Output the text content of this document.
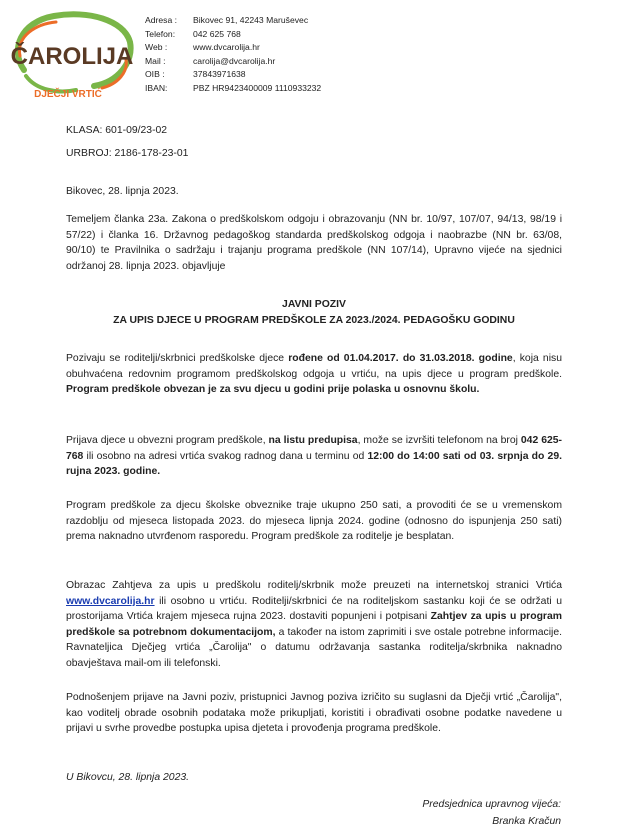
ČAROLIJA
DJEČJI VRTIĆ
Adresa :	Bikovec 91, 42243 Maruševec
Telefon:	042 625 768
Web :	www.dvcarolija.hr
Mail :	carolija@dvcarolija.hr
OIB :	37843971638
IBAN:	PBZ HR9423400009 1110933232
KLASA: 601-09/23-02
URBROJ: 2186-178-23-01
Bikovec, 28. lipnja 2023.
Temeljem članka 23a. Zakona o predškolskom odgoju i obrazovanju (NN br. 10/97, 107/07, 94/13, 98/19 i 57/22) i članka 16. Državnog pedagoškog standarda predškolskog odgoja i naobrazbe (NN br. 63/08, 90/10) te Pravilnika o sadržaju i trajanju programa predškole (NN 107/14), Upravno vijeće na sjednici održanoj 28. lipnja 2023. objavljuje
JAVNI POZIV
ZA UPIS DJECE U PROGRAM PREDŠKOLE ZA 2023./2024. PEDAGOŠKU GODINU
Pozivaju se roditelji/skrbnici predškolske djece rođene od 01.04.2017. do 31.03.2018. godine, koja nisu obuhvaćena redovnim programom predškolskog odgoja u vrtiću, na upis djece u program predškole. Program predškole obvezan je za svu djecu u godini prije polaska u osnovnu školu.
Prijava djece u obvezni program predškole, na listu predupisa, može se izvršiti telefonom na broj 042 625-768 ili osobno na adresi vrtića svakog radnog dana u terminu od 12:00 do 14:00 sati od 03. srpnja do 29. rujna 2023. godine.
Program predškole za djecu školske obveznike traje ukupno 250 sati, a provoditi će se u vremenskom razdoblju od mjeseca listopada 2023. do mjeseca lipnja 2024. godine (odnosno do ispunjenja 250 sati) prema naknadno utvrđenom rasporedu. Program predškole za roditelje je besplatan.
Obrazac Zahtjeva za upis u predškolu roditelj/skrbnik može preuzeti na internetskoj stranici Vrtića www.dvcarolija.hr ili osobno u vrtiću. Roditelji/skrbnici će na roditeljskom sastanku koji će se održati u prostorijama Vrtića krajem mjeseca rujna 2023. dostaviti popunjeni i potpisani Zahtjev za upis u program predškole sa potrebnom dokumentacijom, a također na istom zaprimiti i sve ostale potrebne informacije. Ravnateljica Dječjeg vrtića „Čarolija" o datumu održavanja sastanka roditelja/skrbnika naknadno obavještava mail-om ili telefonski.
Podnošenjem prijave na Javni poziv, pristupnici Javnog poziva izričito su suglasni da Dječji vrtić „Čarolija", kao voditelj obrade osobnih podataka može prikupljati, koristiti i obrađivati osobne podatke navedene u prijavi u svrhe provedbe postupka upisa djeteta i provođenja programa predškole.
U Bikovcu, 28. lipnja 2023.
Predsjednica upravnog vijeća:
Branka Kračun
